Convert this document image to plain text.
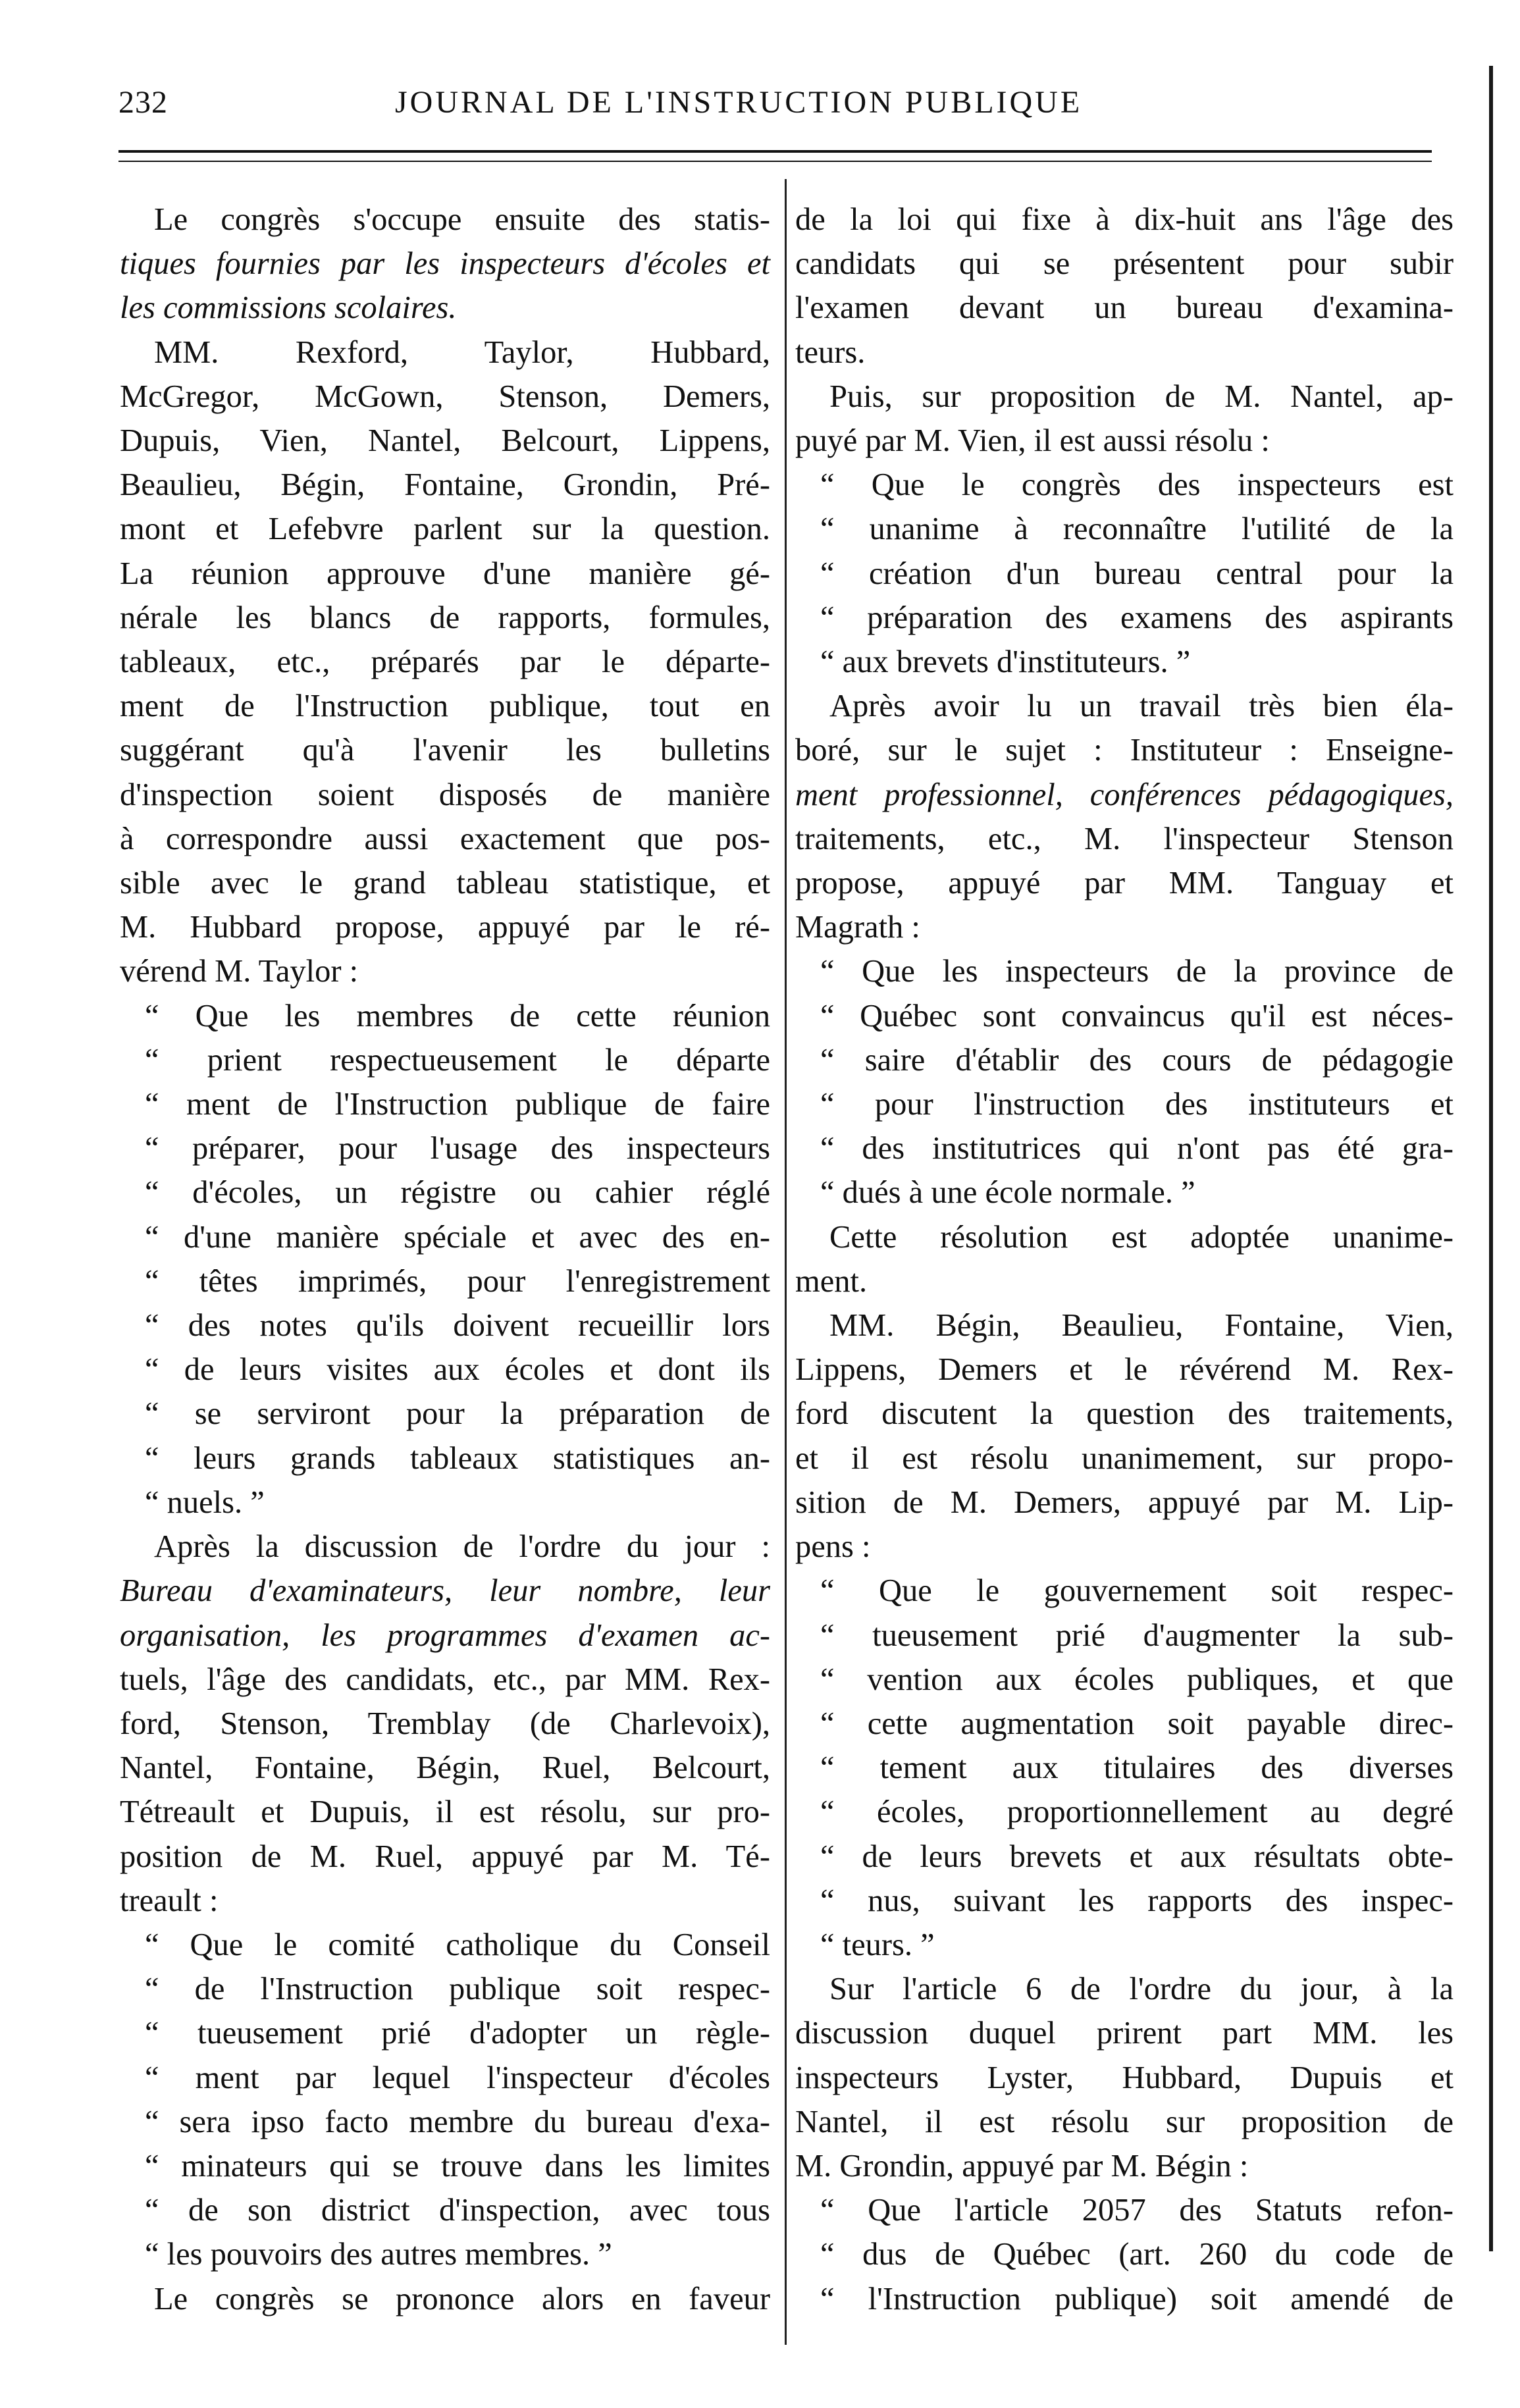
232	JOURNAL DE L'INSTRUCTION PUBLIQUE

Le congrès s'occupe ensuite des statis-

tiques fournies par les inspecteurs d'écoles et

les commissions scolaires.

MM. Rexford, Taylor, Hubbard,

McGregor, McGown, Stenson, Demers,

Dupuis, Vien, Nantel, Belcourt, Lippens,

Beaulieu, Bégin, Fontaine, Grondin, Pré-

mont et Lefebvre parlent sur la question.

La réunion approuve d'une manière gé-

nérale les blancs de rapports, formules,

tableaux, etc., préparés par le départe-

ment de l'Instruction publique, tout en

suggérant qu'à l'avenir les bulletins

d'inspection soient disposés de manière

à correspondre aussi exactement que pos-

sible avec le grand tableau statistique, et

M. Hubbard propose, appuyé par le ré-

vérend M. Taylor :

“ Que les membres de cette réunion

“ prient respectueusement le départe

“ ment de l'Instruction publique de faire

“ préparer, pour l'usage des inspecteurs

“ d'écoles, un régistre ou cahier réglé

“ d'une manière spéciale et avec des en-

“ têtes imprimés, pour l'enregistrement

“ des notes qu'ils doivent recueillir lors

“ de leurs visites aux écoles et dont ils

“ se serviront pour la préparation de

“ leurs grands tableaux statistiques an-

“ nuels. ”

Après la discussion de l'ordre du jour :

Bureau d'examinateurs, leur nombre, leur

organisation, les programmes d'examen ac-

tuels, l'âge des candidats, etc., par MM. Rex-

ford, Stenson, Tremblay (de Charlevoix),

Nantel, Fontaine, Bégin, Ruel, Belcourt,

Tétreault et Dupuis, il est résolu, sur pro-

position de M. Ruel, appuyé par M. Té-

treault :

“ Que le comité catholique du Conseil

“ de l'Instruction publique soit respec-

“ tueusement prié d'adopter un règle-

“ ment par lequel l'inspecteur d'écoles

“ sera ipso facto membre du bureau d'exa-

“ minateurs qui se trouve dans les limites

“ de son district d'inspection, avec tous

“ les pouvoirs des autres membres. ”

Le congrès se prononce alors en faveur

de la loi qui fixe à dix-huit ans l'âge des

candidats qui se présentent pour subir

l'examen devant un bureau d'examina-

teurs.

Puis, sur proposition de M. Nantel, ap-

puyé par M. Vien, il est aussi résolu :

“ Que le congrès des inspecteurs est

“ unanime à reconnaître l'utilité de la

“ création d'un bureau central pour la

“ préparation des examens des aspirants

“ aux brevets d'instituteurs. ”

Après avoir lu un travail très bien éla-

boré, sur le sujet : Instituteur : Enseigne-

ment professionnel, conférences pédagogiques,

traitements, etc., M. l'inspecteur Stenson

propose, appuyé par MM. Tanguay et

Magrath :

“ Que les inspecteurs de la province de

“ Québec sont convaincus qu'il est néces-

“ saire d'établir des cours de pédagogie

“ pour l'instruction des instituteurs et

“ des institutrices qui n'ont pas été gra-

“ dués à une école normale. ”

Cette résolution est adoptée unanime-

ment.

MM. Bégin, Beaulieu, Fontaine, Vien,

Lippens, Demers et le révérend M. Rex-

ford discutent la question des traitements,

et il est résolu unanimement, sur propo-

sition de M. Demers, appuyé par M. Lip-

pens :

“ Que le gouvernement soit respec-

“ tueusement prié d'augmenter la sub-

“ vention aux écoles publiques, et que

“ cette augmentation soit payable direc-

“ tement aux titulaires des diverses

“ écoles, proportionnellement au degré

“ de leurs brevets et aux résultats obte-

“ nus, suivant les rapports des inspec-

“ teurs. ”

Sur l'article 6 de l'ordre du jour, à la

discussion duquel prirent part MM. les

inspecteurs Lyster, Hubbard, Dupuis et

Nantel, il est résolu sur proposition de

M. Grondin, appuyé par M. Bégin :

“ Que l'article 2057 des Statuts refon-

“ dus de Québec (art. 260 du code de

“ l'Instruction publique) soit amendé de
